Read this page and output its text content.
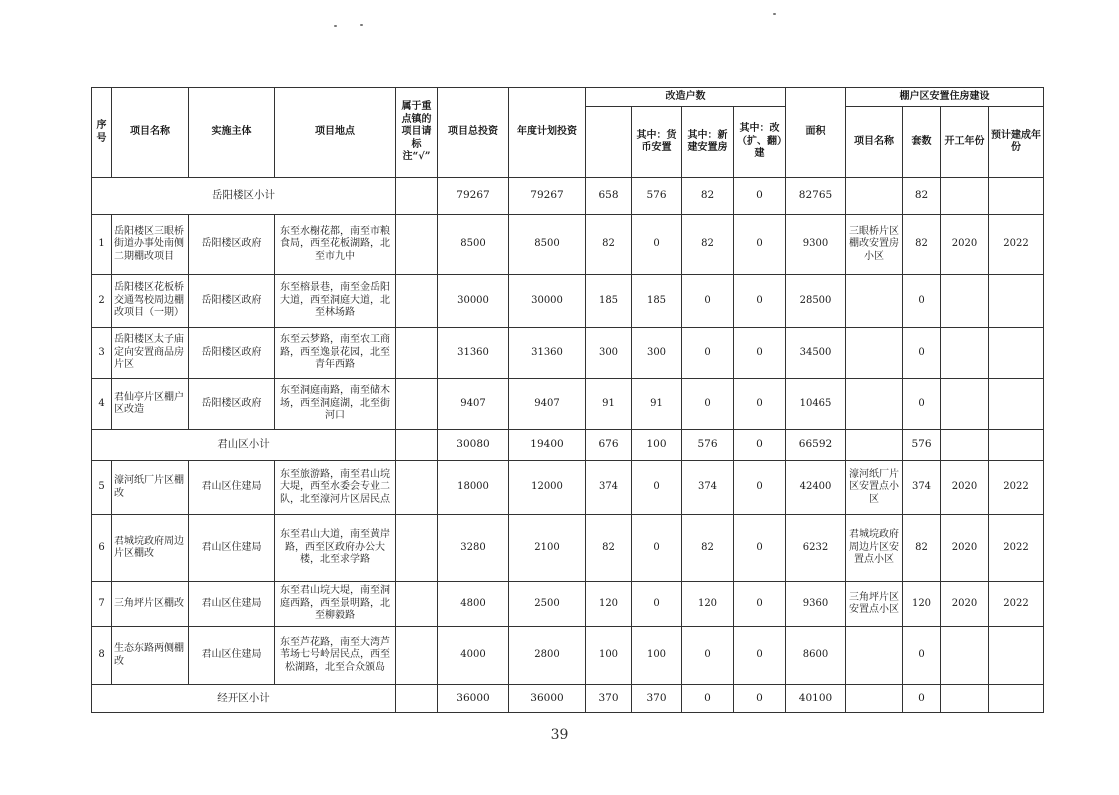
序号	项目名称	实施主体	项目地点	属于重点镇的项目请标注“√”	项目总投资	年度计划投资	改造户数				面积	棚户区安置住房建设			
								其中：货币安置	其中：新建安置房	其中：改（扩、翻）建		项目名称	套数	开工年份	预计建成年份
岳阳楼区小计					79267	79267	658	576	82	0	82765		82		
1	岳阳楼区三眼桥街道办事处南侧二期棚改项目	岳阳楼区政府	东至水榭花都，南至市粮食局，西至花板湖路，北至市九中		8500	8500	82	0	82	0	9300	三眼桥片区棚改安置房小区	82	2020	2022
2	岳阳楼区花板桥交通驾校周边棚改项目（一期）	岳阳楼区政府	东至榕景巷，南至金岳阳大道，西至洞庭大道，北至林场路		30000	30000	185	185	0	0	28500		0		
3	岳阳楼区太子庙定向安置商品房片区	岳阳楼区政府	东至云梦路，南至农工商路，西至逸景花园，北至青年西路		31360	31360	300	300	0	0	34500		0		
4	君仙亭片区棚户区改造	岳阳楼区政府	东至洞庭南路，南至储木场，西至洞庭湖，北至街河口		9407	9407	91	91	0	0	10465		0		
君山区小计					30080	19400	676	100	576	0	66592		576		
5	濠河纸厂片区棚改	君山区住建局	东至旅游路，南至君山垸大堤，西至水委会专业二队，北至濠河片区居民点		18000	12000	374	0	374	0	42400	濠河纸厂片区安置点小区	374	2020	2022
6	君城垸政府周边片区棚改	君山区住建局	东至君山大道，南至黄岸路，西至区政府办公大楼，北至求学路		3280	2100	82	0	82	0	6232	君城垸政府周边片区安置点小区	82	2020	2022
7	三角坪片区棚改	君山区住建局	东至君山垸大堤，南至洞庭西路，西至景明路，北至柳毅路		4800	2500	120	0	120	0	9360	三角坪片区安置点小区	120	2020	2022
8	生态东路两侧棚改	君山区住建局	东至芦花路，南至大湾芦苇场七号岭居民点，西至松湖路，北至合众颁岛		4000	2800	100	100	0	0	8600		0		
经开区小计					36000	36000	370	370	0	0	40100		0		
39
